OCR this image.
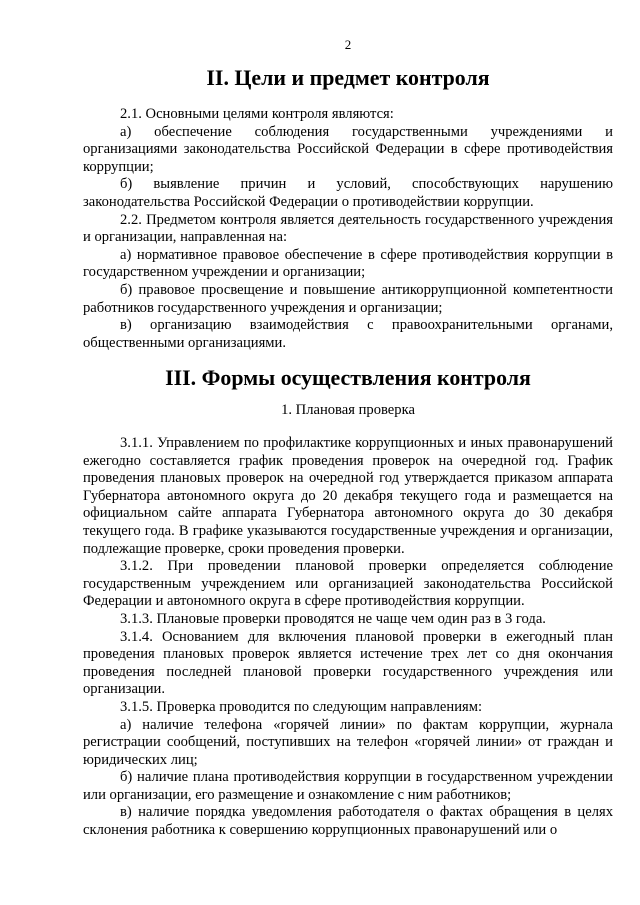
2
II. Цели и предмет контроля

2.1. Основными целями контроля являются:

а) обеспечение соблюдения государственными учреждениями и организациями законодательства Российской Федерации в сфере противодействия коррупции;

б) выявление причин и условий, способствующих нарушению законодательства Российской Федерации о противодействии коррупции.

2.2. Предметом контроля является деятельность государственного учреждения и организации, направленная на:

а) нормативное правовое обеспечение в сфере противодействия коррупции в государственном учреждении и организации;

б) правовое просвещение и повышение антикоррупционной компетентности работников государственного учреждения и организации;

в) организацию взаимодействия с правоохранительными органами, общественными организациями.

III. Формы осуществления контроля
1. Плановая проверка

3.1.1. Управлением по профилактике коррупционных и иных правонарушений ежегодно составляется график проведения проверок на очередной год. График проведения плановых проверок на очередной год утверждается приказом аппарата Губернатора автономного округа до 20 декабря текущего года и размещается на официальном сайте аппарата Губернатора автономного округа до 30 декабря текущего года. В графике указываются государственные учреждения и организации, подлежащие проверке, сроки проведения проверки.

3.1.2. При проведении плановой проверки определяется соблюдение государственным учреждением или организацией законодательства Российской Федерации и автономного округа в сфере противодействия коррупции.

3.1.3. Плановые проверки проводятся не чаще чем один раз в 3 года.

3.1.4. Основанием для включения плановой проверки в ежегодный план проведения плановых проверок является истечение трех лет со дня окончания проведения последней плановой проверки государственного учреждения или организации.

3.1.5. Проверка проводится по следующим направлениям:

а) наличие телефона «горячей линии» по фактам коррупции, журнала регистрации сообщений, поступивших на телефон «горячей линии» от граждан и юридических лиц;

б) наличие плана противодействия коррупции в государственном учреждении или организации, его размещение и ознакомление с ним работников;

в) наличие порядка уведомления работодателя о фактах обращения в целях склонения работника к совершению коррупционных правонарушений или о
